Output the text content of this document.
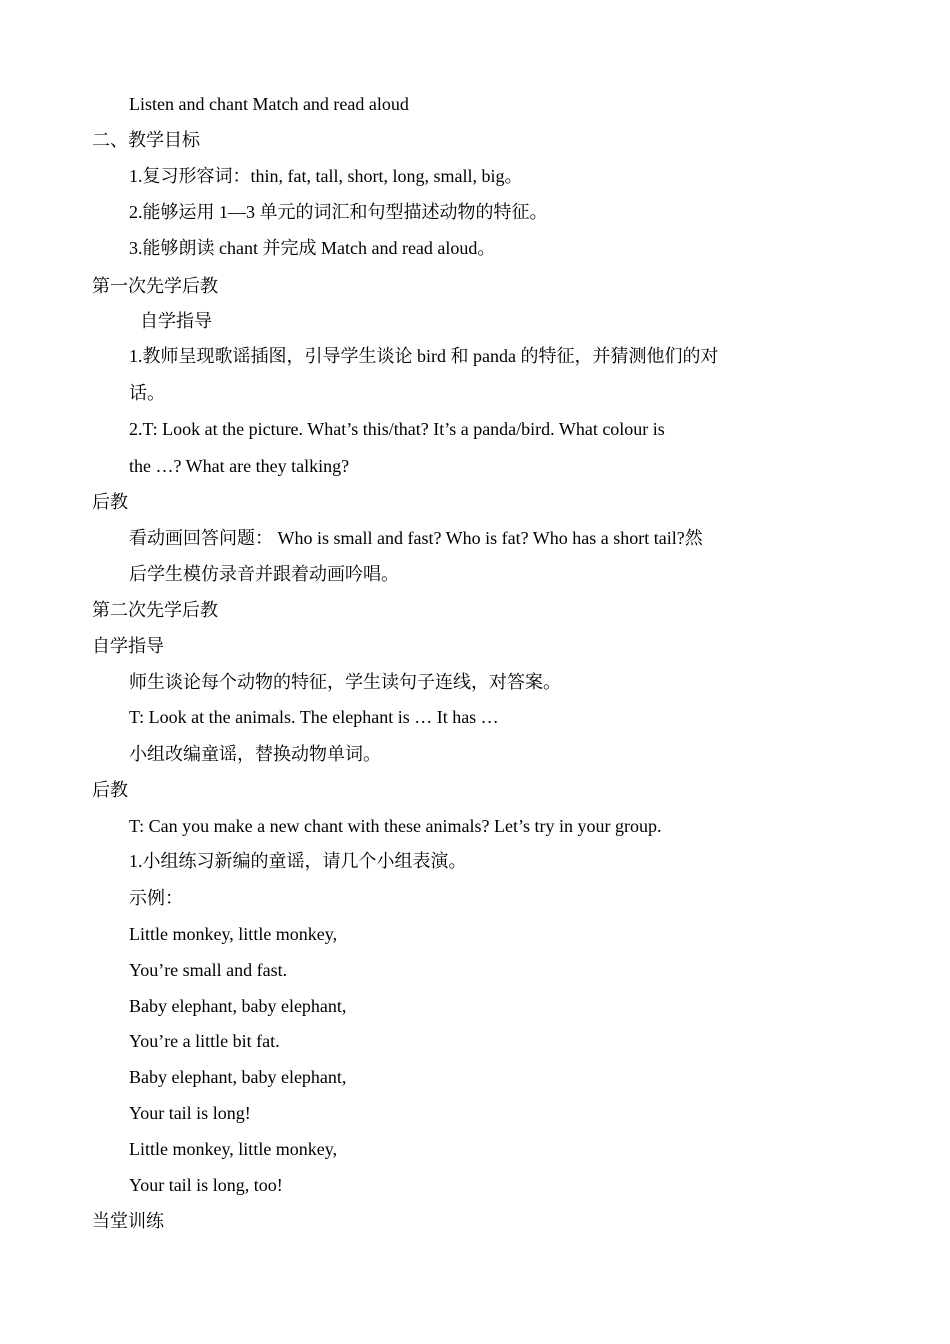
Listen and chant Match and read aloud
二、教学目标
1.复习形容词：thin, fat, tall, short, long, small, big。
2.能够运用 1—3 单元的词汇和句型描述动物的特征。
3.能够朗读 chant 并完成 Match and read aloud。
第一次先学后教
自学指导
1.教师呈现歌谣插图，引导学生谈论 bird 和 panda 的特征，并猜测他们的对
话。
2.T: Look at the picture. What’s this/that? It’s a panda/bird. What colour is
the …? What are they talking?
后教
看动画回答问题： Who is small and fast? Who is fat? Who has a short tail?然
后学生模仿录音并跟着动画吟唱。
第二次先学后教
自学指导
师生谈论每个动物的特征，学生读句子连线，对答案。
T: Look at the animals. The elephant is … It has …
小组改编童谣，替换动物单词。
后教
T: Can you make a new chant with these animals? Let’s try in your group.
1.小组练习新编的童谣，请几个小组表演。
示例：
Little monkey, little monkey,
You’re small and fast.
Baby elephant, baby elephant,
You’re a little bit fat.
Baby elephant, baby elephant,
Your tail is long!
Little monkey, little monkey,
Your tail is long, too!
当堂训练
